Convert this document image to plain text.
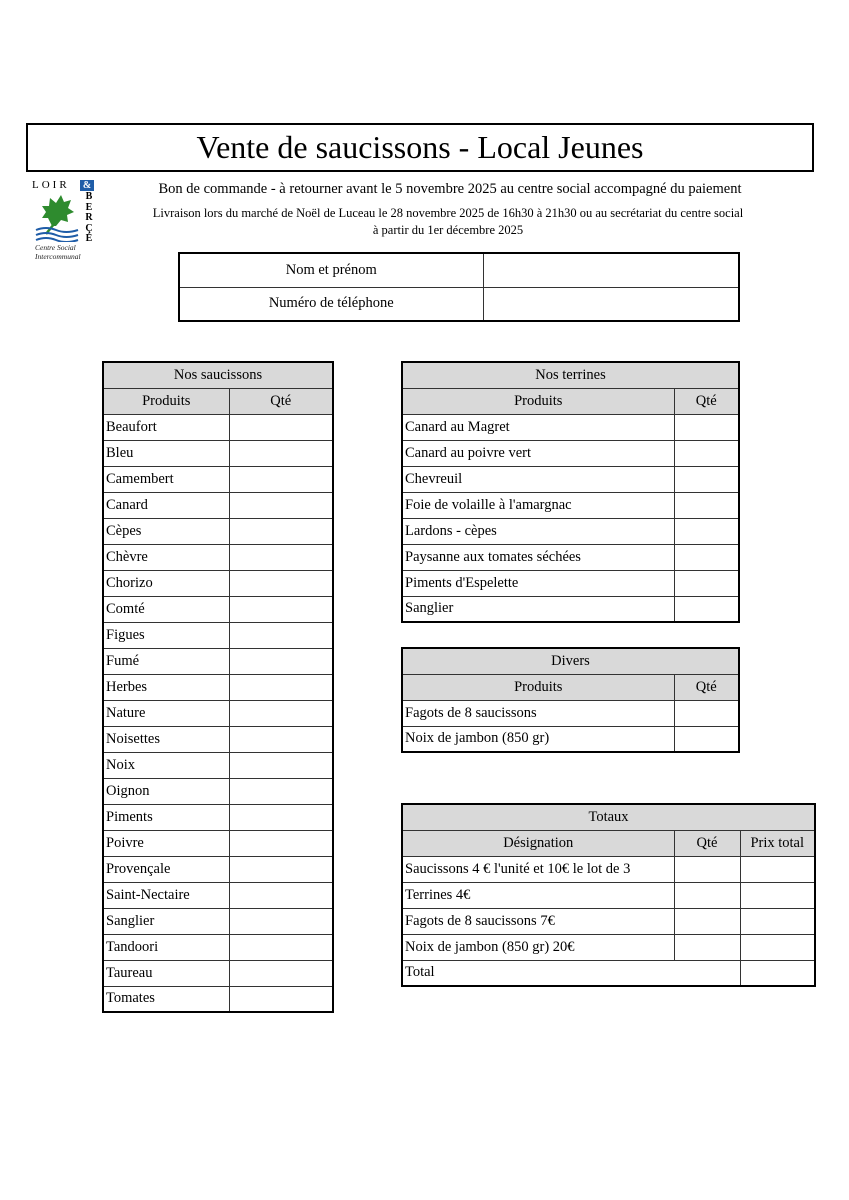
Vente de saucissons - Local Jeunes
LOIR &
B
E
R
Ç
É
Centre Social
Intercommunal
Bon de commande - à retourner avant le 5 novembre 2025 au centre social accompagné du paiement
Livraison lors du marché de Noël de Luceau le 28 novembre 2025 de 16h30 à 21h30 ou au secrétariat du centre social
à partir du 1er décembre 2025
Nom et prénom	
Numéro de téléphone	
Nos saucissons	
Produits	Qté
Beaufort	
Bleu	
Camembert	
Canard	
Cèpes	
Chèvre	
Chorizo	
Comté	
Figues	
Fumé	
Herbes	
Nature	
Noisettes	
Noix	
Oignon	
Piments	
Poivre	
Provençale	
Saint-Nectaire	
Sanglier	
Tandoori	
Taureau	
Tomates	
Nos terrines	
Produits	Qté
Canard au Magret	
Canard au poivre vert	
Chevreuil	
Foie de volaille à l'amargnac	
Lardons - cèpes	
Paysanne aux tomates séchées	
Piments d'Espelette	
Sanglier	
Divers	
Produits	Qté
Fagots de 8 saucissons	
Noix de jambon (850 gr)	
Totaux		
Désignation	Qté	Prix total
Saucissons 4 € l'unité et 10€ le lot de 3		
Terrines 4€		
Fagots de 8 saucissons 7€		
Noix de jambon (850 gr) 20€		
Total		
